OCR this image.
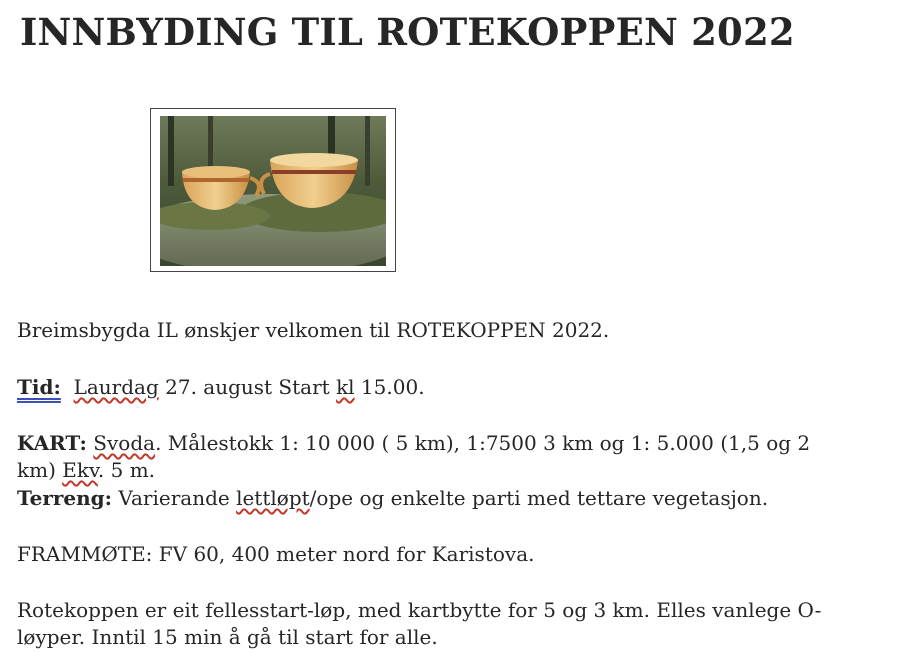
INNBYDING TIL ROTEKOPPEN 2022

Breimsbygda IL ønskjer velkomen til ROTEKOPPEN 2022.

Tid: Laurdag 27. august Start kl 15.00.

KART: Svoda. Målestokk 1: 10 000 ( 5 km), 1:7500 3 km og 1: 5.000 (1,5 og 2
km) Ekv. 5 m.

Terreng: Varierande lettløpt/ope og enkelte parti med tettare vegetasjon.

FRAMMØTE: FV 60, 400 meter nord for Karistova.

Rotekoppen er eit fellesstart-løp, med kartbytte for 5 og 3 km. Elles vanlege O-
løyper. Inntil 15 min å gå til start for alle.
